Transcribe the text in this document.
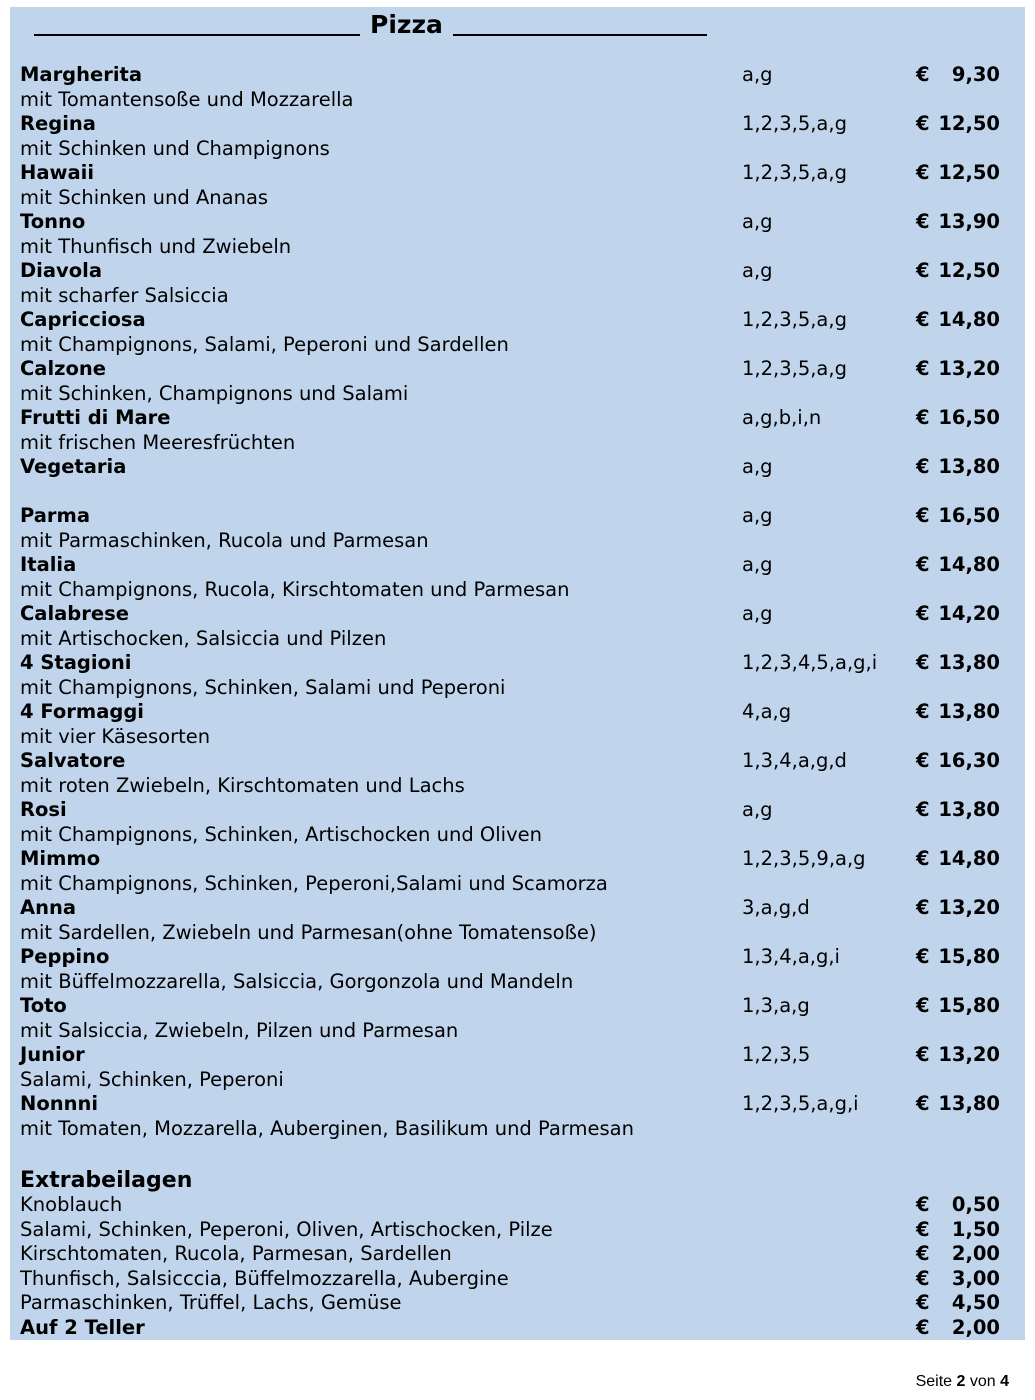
Pizza
Margherita	a,g	€ 9,30
mit Tomantensoße und Mozzarella
Regina	1,2,3,5,a,g	€ 12,50
mit Schinken und Champignons
Hawaii	1,2,3,5,a,g	€ 12,50
mit Schinken und Ananas
Tonno	a,g	€ 13,90
mit Thunfisch und Zwiebeln
Diavola	a,g	€ 12,50
mit scharfer Salsiccia
Capricciosa	1,2,3,5,a,g	€ 14,80
mit Champignons, Salami, Peperoni und Sardellen
Calzone	1,2,3,5,a,g	€ 13,20
mit Schinken, Champignons und Salami
Frutti di Mare	a,g,b,i,n	€ 16,50
mit frischen Meeresfrüchten
Vegetaria	a,g	€ 13,80
Parma	a,g	€ 16,50
mit Parmaschinken, Rucola und Parmesan
Italia	a,g	€ 14,80
mit Champignons, Rucola, Kirschtomaten und Parmesan
Calabrese	a,g	€ 14,20
mit Artischocken, Salsiccia und Pilzen
4 Stagioni	1,2,3,4,5,a,g,i € 13,80
mit Champignons, Schinken, Salami und Peperoni
4 Formaggi	4,a,g	€ 13,80
mit vier Käsesorten
Salvatore	1,3,4,a,g,d	€ 16,30
mit roten Zwiebeln, Kirschtomaten und Lachs
Rosi	a,g	€ 13,80
mit Champignons, Schinken, Artischocken und Oliven
Mimmo	1,2,3,5,9,a,g	€ 14,80
mit Champignons, Schinken, Peperoni,Salami und Scamorza
Anna	3,a,g,d	€ 13,20
mit Sardellen, Zwiebeln und Parmesan(ohne Tomatensoße)
Peppino	1,3,4,a,g,i	€ 15,80
mit Büffelmozzarella, Salsiccia, Gorgonzola und Mandeln
Toto	1,3,a,g	€ 15,80
mit Salsiccia, Zwiebeln, Pilzen und Parmesan
Junior	1,2,3,5	€ 13,20
Salami, Schinken, Peperoni
Nonnni	1,2,3,5,a,g,i	€ 13,80
mit Tomaten, Mozzarella, Auberginen, Basilikum und Parmesan
Extrabeilagen
Knoblauch	€ 0,50
Salami, Schinken, Peperoni, Oliven, Artischocken, Pilze	€ 1,50
Kirschtomaten, Rucola, Parmesan, Sardellen	€ 2,00
Thunfisch, Salsicccia, Büffelmozzarella, Aubergine	€ 3,00
Parmaschinken, Trüffel, Lachs, Gemüse	€ 4,50
Auf 2 Teller	€ 2,00
Seite 2 von 4
